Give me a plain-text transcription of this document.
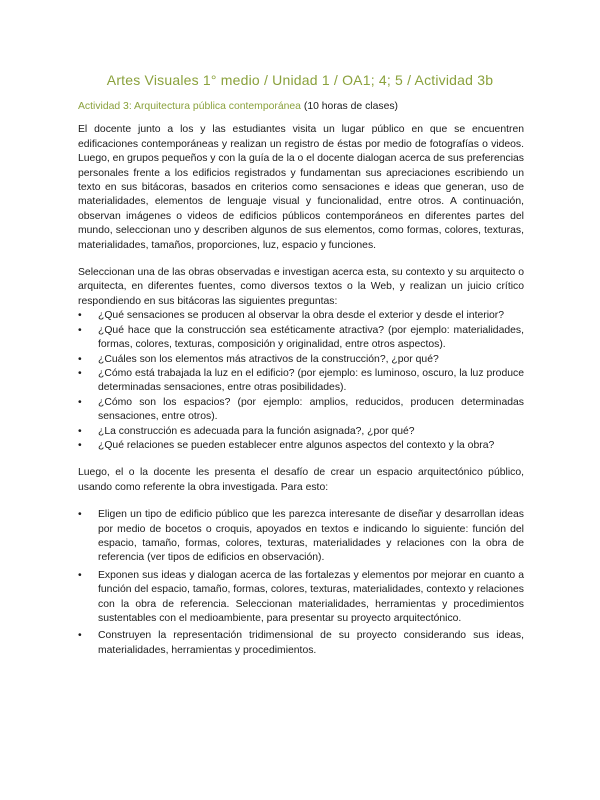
Artes Visuales 1° medio / Unidad 1 / OA1; 4; 5 / Actividad 3b

Actividad 3: Arquitectura pública contemporánea (10 horas de clases)

El docente junto a los y las estudiantes visita un lugar público en que se encuentren edificaciones contemporáneas y realizan un registro de éstas por medio de fotografías o videos. Luego, en grupos pequeños y con la guía de la o el docente dialogan acerca de sus preferencias personales frente a los edificios registrados y fundamentan sus apreciaciones escribiendo un texto en sus bitácoras, basados en criterios como sensaciones e ideas que generan, uso de materialidades, elementos de lenguaje visual y funcionalidad, entre otros. A continuación, observan imágenes o videos de edificios públicos contemporáneos en diferentes partes del mundo, seleccionan uno y describen algunos de sus elementos, como formas, colores, texturas, materialidades, tamaños, proporciones, luz, espacio y funciones.

Seleccionan una de las obras observadas e investigan acerca esta, su contexto y su arquitecto o arquitecta, en diferentes fuentes, como diversos textos o la Web, y realizan un juicio crítico respondiendo en sus bitácoras las siguientes preguntas:

• ¿Qué sensaciones se producen al observar la obra desde el exterior y desde el interior?
• ¿Qué hace que la construcción sea estéticamente atractiva? (por ejemplo: materialidades, formas, colores, texturas, composición y originalidad, entre otros aspectos).
• ¿Cuáles son los elementos más atractivos de la construcción?, ¿por qué?
• ¿Cómo está trabajada la luz en el edificio? (por ejemplo: es luminoso, oscuro, la luz produce determinadas sensaciones, entre otras posibilidades).
• ¿Cómo son los espacios? (por ejemplo: amplios, reducidos, producen determinadas sensaciones, entre otros).
• ¿La construcción es adecuada para la función asignada?, ¿por qué?
• ¿Qué relaciones se pueden establecer entre algunos aspectos del contexto y la obra?

Luego, el o la docente les presenta el desafío de crear un espacio arquitectónico público, usando como referente la obra investigada. Para esto:

• Eligen un tipo de edificio público que les parezca interesante de diseñar y desarrollan ideas por medio de bocetos o croquis, apoyados en textos e indicando lo siguiente: función del espacio, tamaño, formas, colores, texturas, materialidades y relaciones con la obra de referencia (ver tipos de edificios en observación).
• Exponen sus ideas y dialogan acerca de las fortalezas y elementos por mejorar en cuanto a función del espacio, tamaño, formas, colores, texturas, materialidades, contexto y relaciones con la obra de referencia. Seleccionan materialidades, herramientas y procedimientos sustentables con el medioambiente, para presentar su proyecto arquitectónico.
• Construyen la representación tridimensional de su proyecto considerando sus ideas, materialidades, herramientas y procedimientos.
